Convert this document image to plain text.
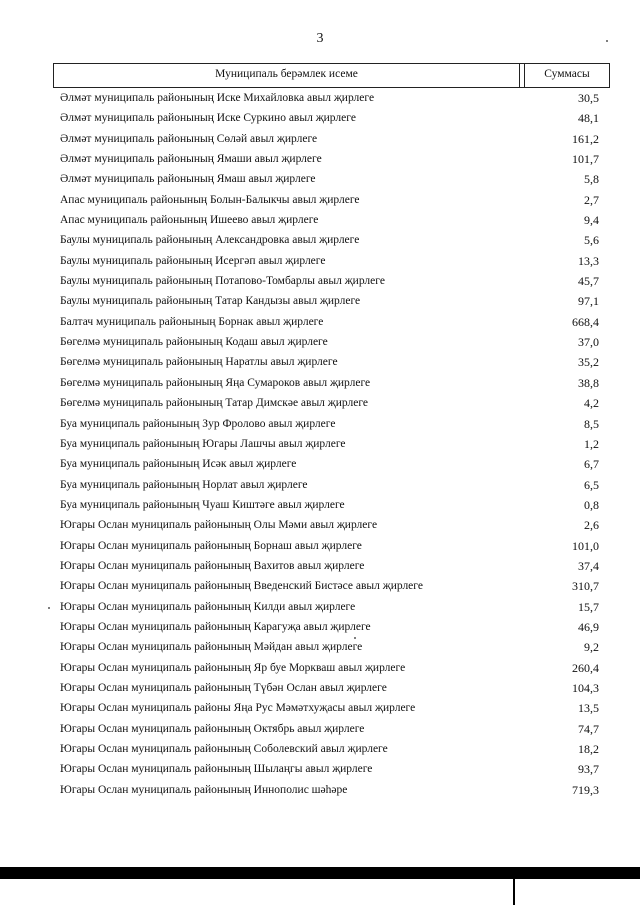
3
Муниципаль берәмлек исеме	Суммасы
Әлмәт муниципаль районының Иске Михайловка авыл җирлеге	30,5
Әлмәт муниципаль районының Иске Суркино авыл җирлеге	48,1
Әлмәт муниципаль районының Сөләй авыл җирлеге	161,2
Әлмәт муниципаль районының Ямаши авыл җирлеге	101,7
Әлмәт муниципаль районының Ямаш авыл җирлеге	5,8
Апас муниципаль районының Болын-Балыкчы авыл җирлеге	2,7
Апас муниципаль районының Ишеево авыл җирлеге	9,4
Баулы муниципаль районының Александровка авыл җирлеге	5,6
Баулы муниципаль районының Исергәп авыл җирлеге	13,3
Баулы муниципаль районының Потапово-Томбарлы авыл җирлеге	45,7
Баулы муниципаль районының Татар Кандызы авыл җирлеге	97,1
Балтач муниципаль районының Борнак авыл җирлеге	668,4
Бөгелмә муниципаль районының Кодаш авыл җирлеге	37,0
Бөгелмә муниципаль районының Наратлы авыл җирлеге	35,2
Бөгелмә муниципаль районының Яңа Сумароков авыл җирлеге	38,8
Бөгелмә муниципаль районының Татар Димскәе авыл җирлеге	4,2
Буа муниципаль районының Зур Фролово авыл җирлеге	8,5
Буа муниципаль районының Югары Лашчы авыл җирлеге	1,2
Буа муниципаль районының Исәк авыл җирлеге	6,7
Буа муниципаль районының Норлат авыл җирлеге	6,5
Буа муниципаль районының Чуаш Киштәге авыл җирлеге	0,8
Югары Ослан муниципаль районының Олы Мәми авыл җирлеге	2,6
Югары Ослан муниципаль районының Борнаш авыл җирлеге	101,0
Югары Ослан муниципаль районының Вахитов авыл җирлеге	37,4
Югары Ослан муниципаль районының Введенский Бистәсе авыл җирлеге	310,7
Югары Ослан муниципаль районының Килди авыл җирлеге	15,7
Югары Ослан муниципаль районының Карагуҗа авыл җирлеге	46,9
Югары Ослан муниципаль районының Мәйдан авыл җирлеге	9,2
Югары Ослан муниципаль районының Яр буе Моркваш авыл җирлеге	260,4
Югары Ослан муниципаль районының Түбән Ослан авыл җирлеге	104,3
Югары Ослан муниципаль районы Яңа Рус Мәмәтхуҗасы авыл җирлеге	13,5
Югары Ослан муниципаль районының Октябрь авыл җирлеге	74,7
Югары Ослан муниципаль районының Соболевский авыл җирлеге	18,2
Югары Ослан муниципаль районының Шылаңгы авыл җирлеге	93,7
Югары Ослан муниципаль районының Иннополис шәһәре	719,3
